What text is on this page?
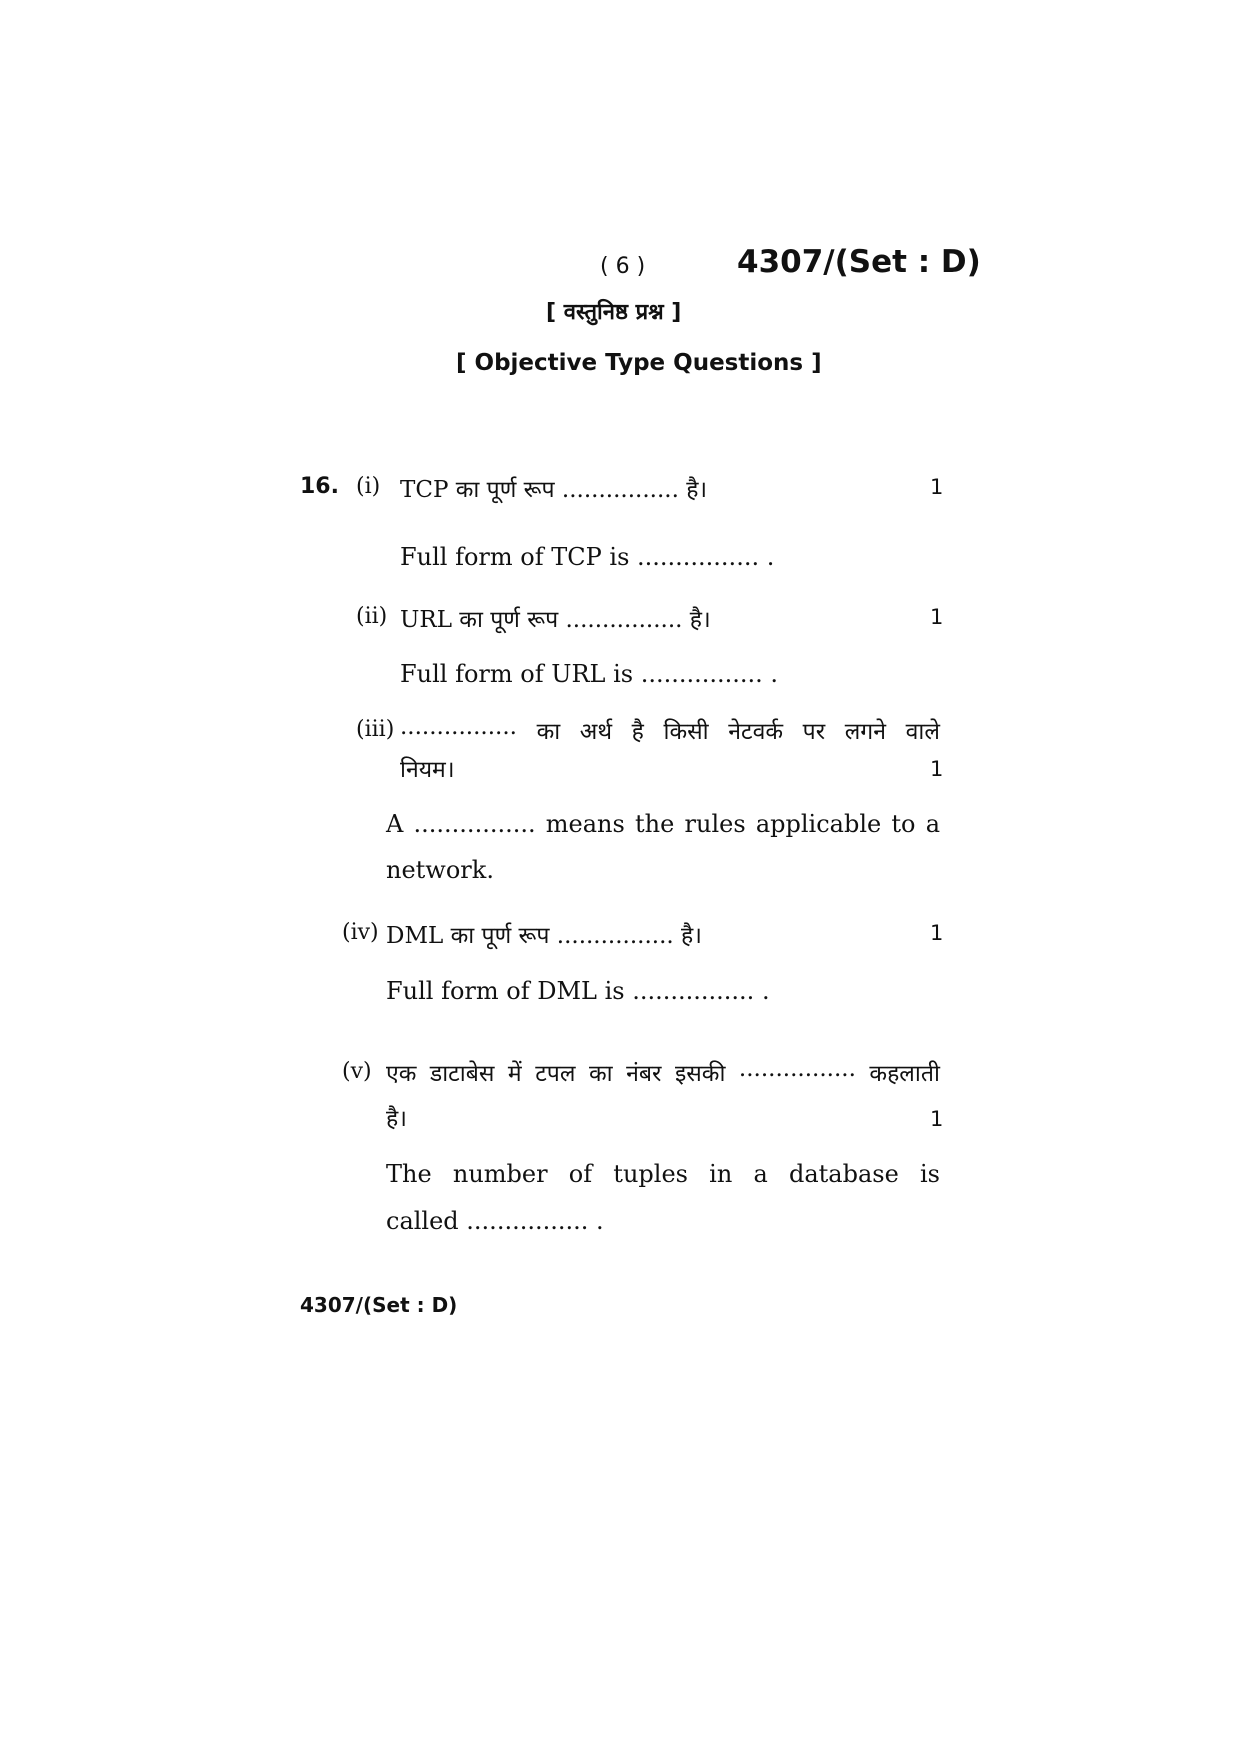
( 6 )	4307/(Set : D)
[ वस्तुनिष्ठ प्रश्न ]
[ Objective Type Questions ]
16. (i) TCP का पूर्ण रूप ................ है।	1
Full form of TCP is ................ .
(ii) URL का पूर्ण रूप ................ है।	1
Full form of URL is ................ .
(iii) ................ का अर्थ है किसी नेटवर्क पर लगने वाले
नियम।	1
A ................ means the rules applicable to a
network.
(iv) DML का पूर्ण रूप ................ है।	1
Full form of DML is ................ .
(v) एक डाटाबेस में टपल का नंबर इसकी ................ कहलाती
है।	1
The number of tuples in a database is
called ................ .
4307/(Set : D)
